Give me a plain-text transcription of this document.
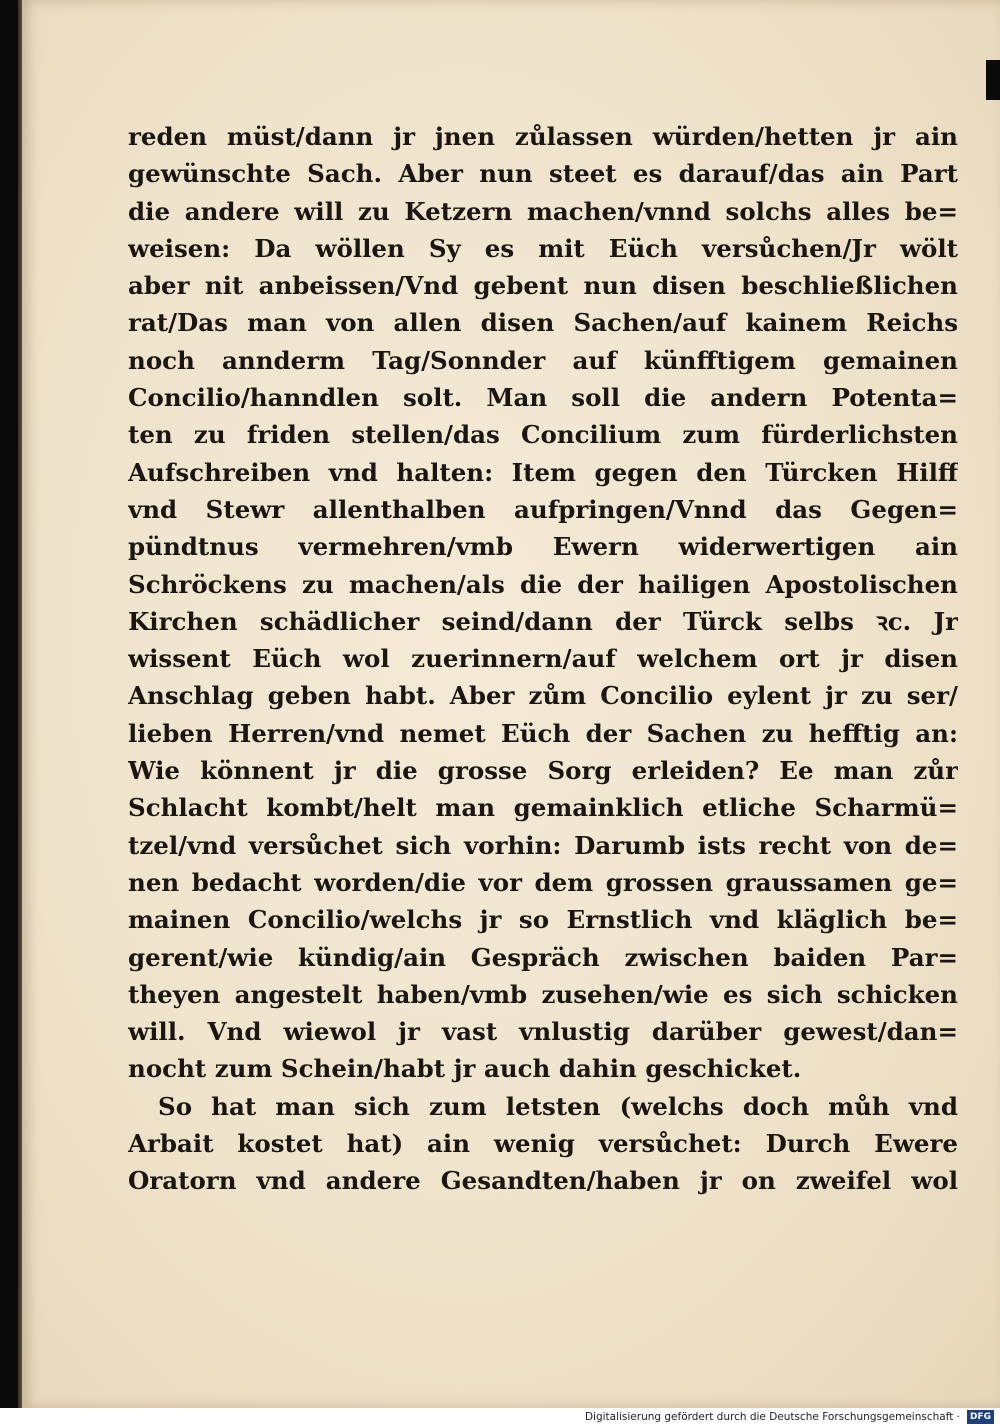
reden müst/dann jr jnen zůlassen würden/hetten jr ain
gewünschte Sach. Aber nun steet es darauf/das ain Part
die andere will zu Ketzern machen/vnnd solchs alles be=
weisen: Da wöllen Sy es mit Eüch versůchen/Jr wölt
aber nit anbeissen/Vnd gebent nun disen beschließlichen
rat/Das man von allen disen Sachen/auf kainem Reichs
noch annderm Tag/Sonnder auf künfftigem gemainen
Concilio/hanndlen solt. Man soll die andern Potenta=
ten zu friden stellen/das Concilium zum fürderlichsten
Aufschreiben vnd halten: Item gegen den Türcken Hilff
vnd Stewr allenthalben aufpringen/Vnnd das Gegen=
pündtnus vermehren/vmb Ewern widerwertigen ain
Schröckens zu machen/als die der hailigen Apostolischen
Kirchen schädlicher seind/dann der Türck selbs ꝛc. Jr
wissent Eüch wol zuerinnern/auf welchem ort jr disen
Anschlag geben habt. Aber zům Concilio eylent jr zu ser/
lieben Herren/vnd nemet Eüch der Sachen zu hefftig an:
Wie könnent jr die grosse Sorg erleiden? Ee man zůr
Schlacht kombt/helt man gemainklich etliche Scharmü=
tzel/vnd versůchet sich vorhin: Darumb ists recht von de=
nen bedacht worden/die vor dem grossen graussamen ge=
mainen Concilio/welchs jr so Ernstlich vnd kläglich be=
gerent/wie kündig/ain Gespräch zwischen baiden Par=
theyen angestelt haben/vmb zusehen/wie es sich schicken
will. Vnd wiewol jr vast vnlustig darüber gewest/dan=
nocht zum Schein/habt jr auch dahin geschicket.
So hat man sich zum letsten (welchs doch můh vnd
Arbait kostet hat) ain wenig versůchet: Durch Ewere
Oratorn vnd andere Gesandten/haben jr on zweifel wol
Digitalisierung gefördert durch die Deutsche Forschungsgemeinschaft ·	DFG
